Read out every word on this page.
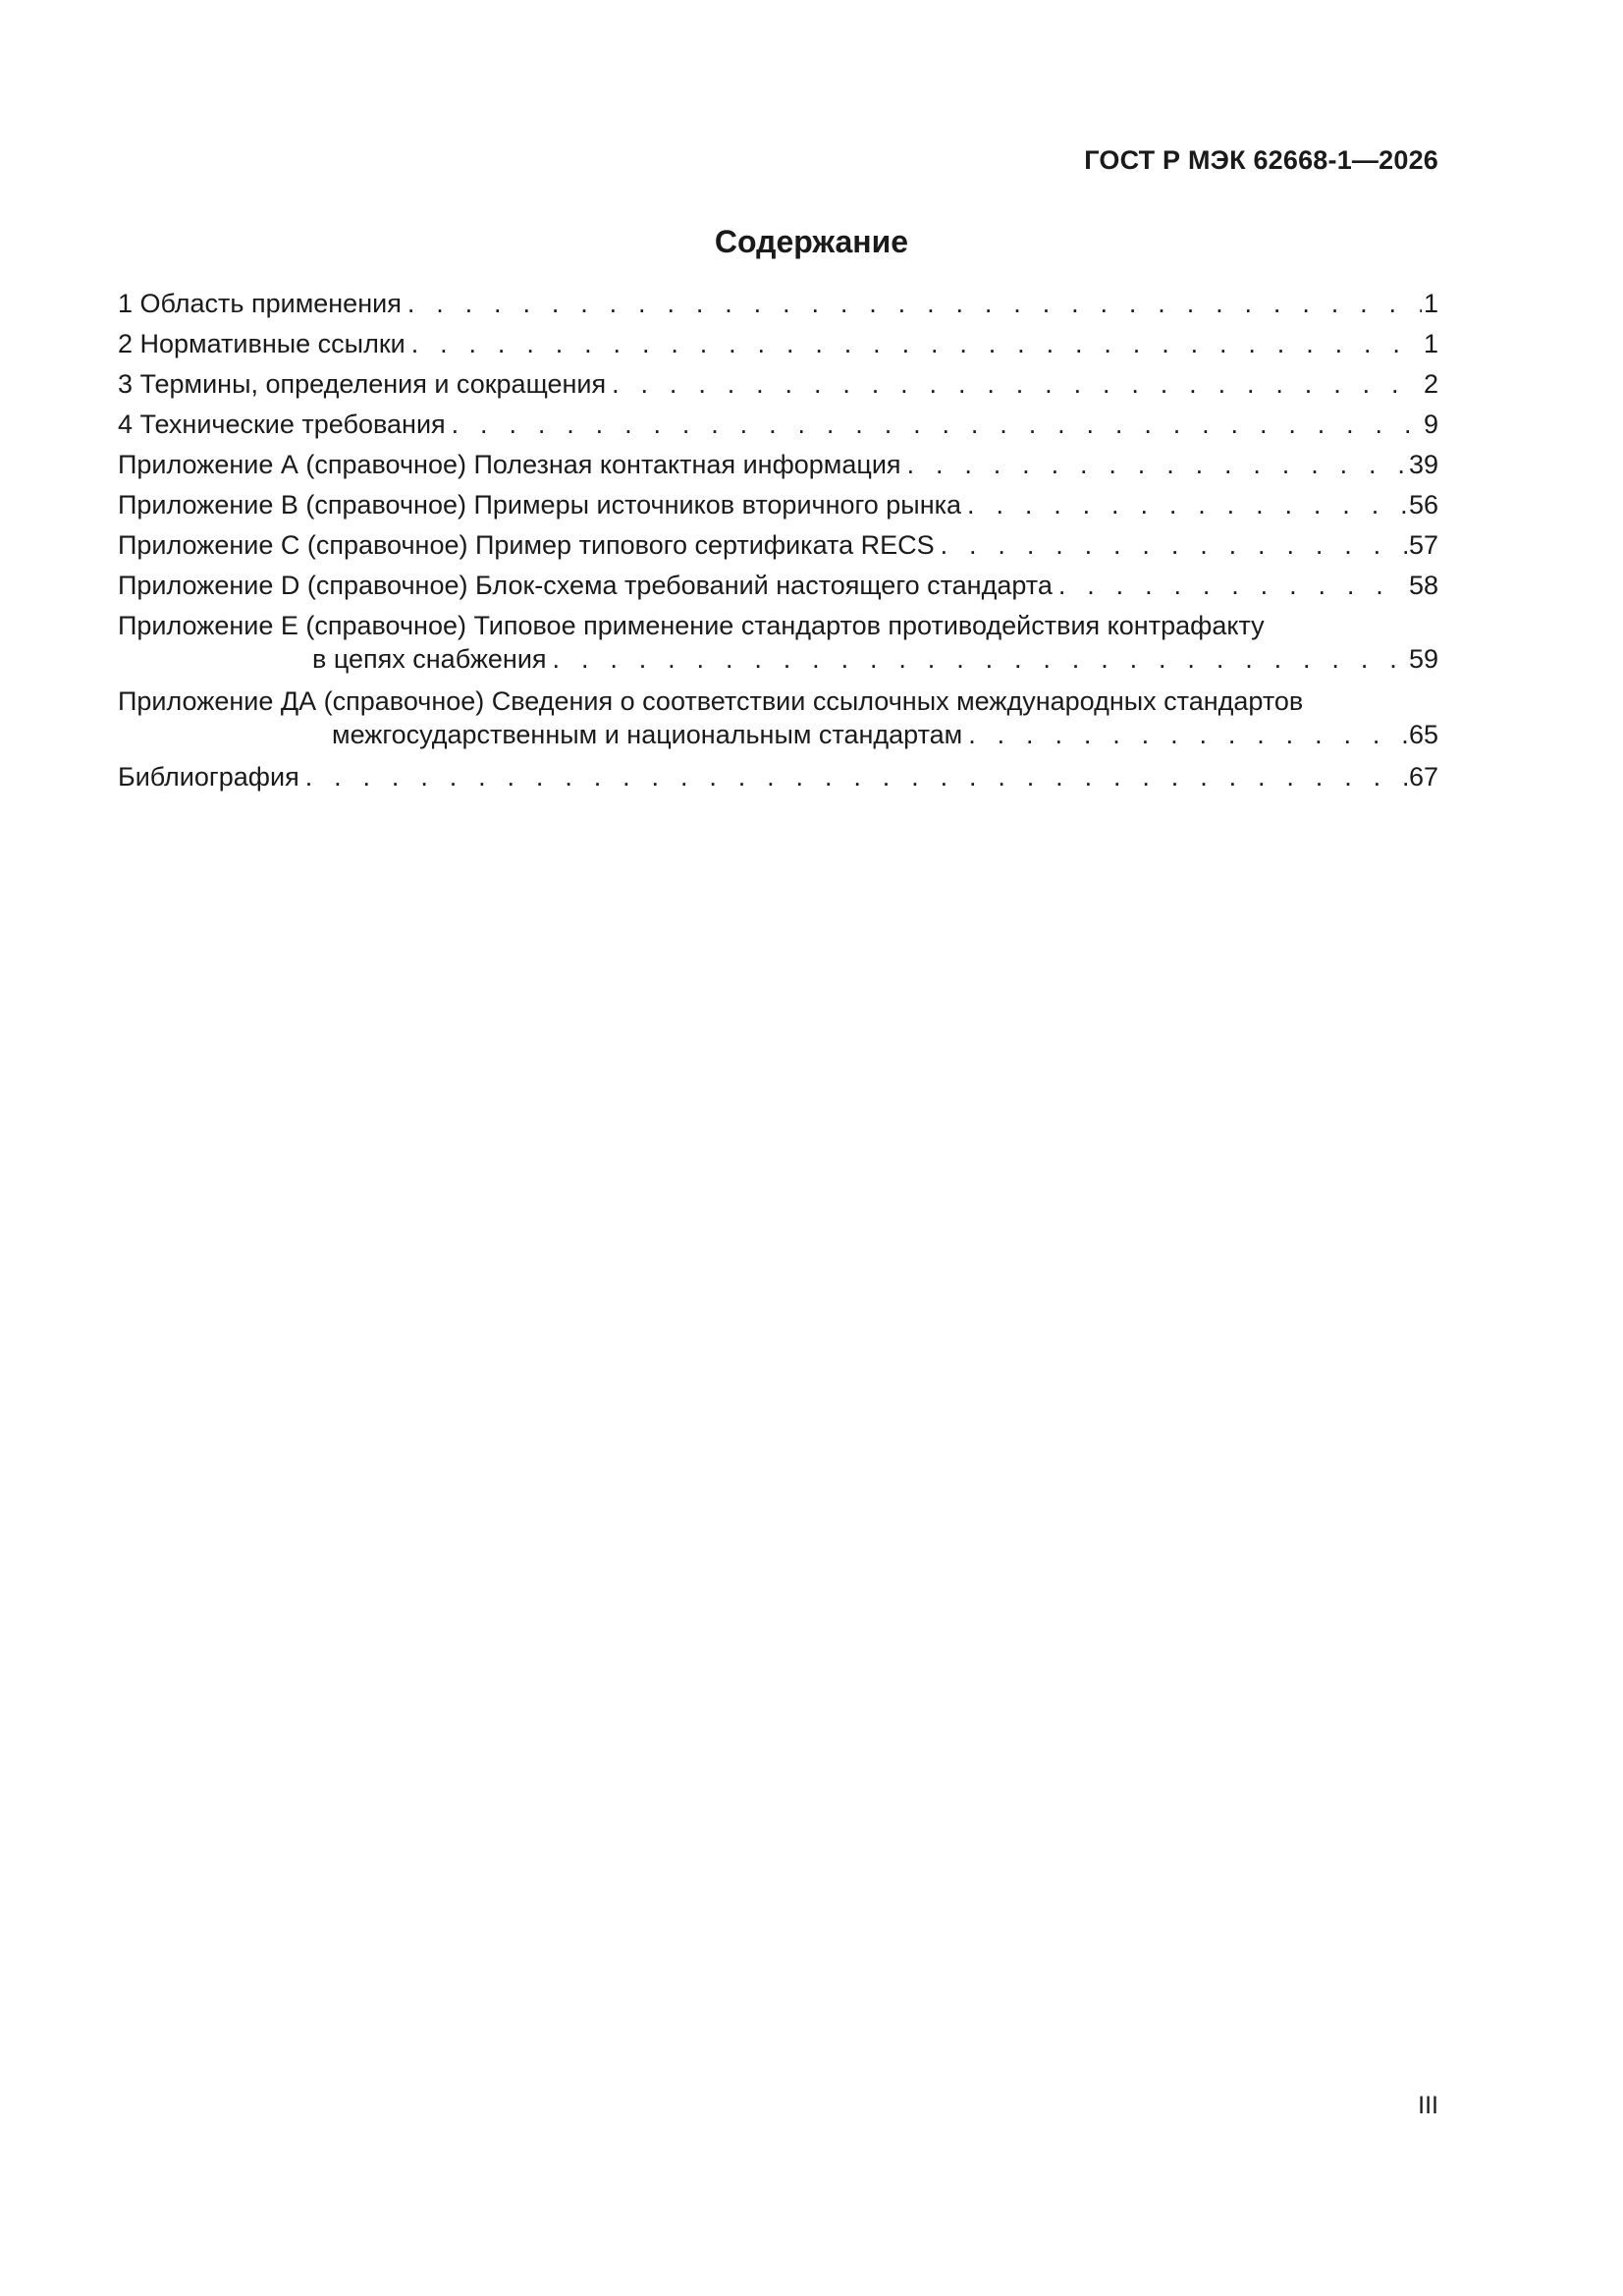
ГОСТ Р МЭК 62668-1—2026
Содержание
1 Область применения . . .	1
2 Нормативные ссылки . . .	1
3 Термины, определения и сокращения . . .	2
4 Технические требования . . .	9
Приложение А (справочное) Полезная контактная информация . . .	39
Приложение В (справочное) Примеры источников вторичного рынка . . .	56
Приложение С (справочное) Пример типового сертификата RECS . . .	57
Приложение D (справочное) Блок-схема требований настоящего стандарта . . .	58
Приложение Е (справочное) Типовое применение стандартов противодействия контрафакту
в цепях снабжения . . .	59
Приложение ДА (справочное) Сведения о соответствии ссылочных международных стандартов
межгосударственным и национальным стандартам . . .	65
Библиография . . .	67
III
